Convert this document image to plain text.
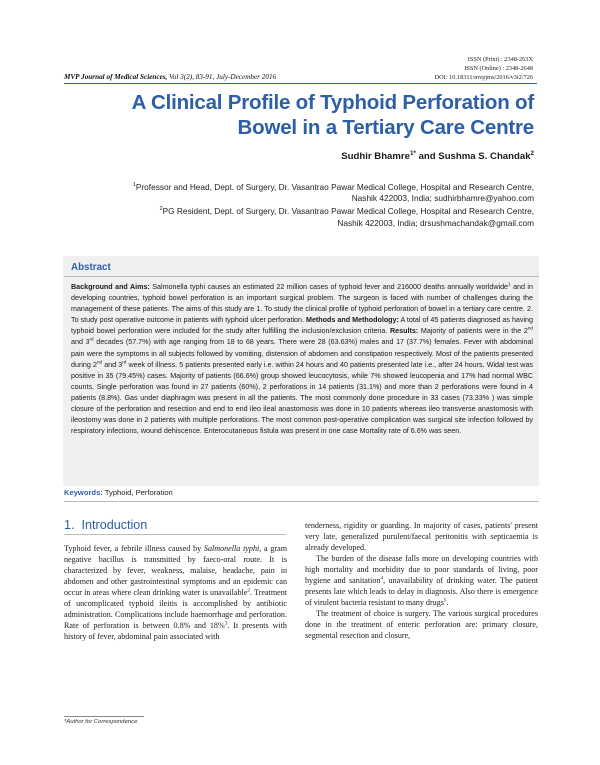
ISSN (Print) : 2348-263X
ISSN (Online) : 2348-2648
DOI: 10.18311/mvpjms/2016/v3i2/726
MVP Journal of Medical Sciences, Vol 3(2), 83-91, July-December 2016
A Clinical Profile of Typhoid Perforation of
Bowel in a Tertiary Care Centre
Sudhir Bhamre$^{1*}$ and Sushma S. Chandak$^2$

$^1$Professor and Head, Dept. of Surgery, Dr. Vasantrao Pawar Medical College, Hospital and Research Centre,
Nashik 422003, India; sudhirbhamre@yahoo.com

$^2$PG Resident, Dept. of Surgery, Dr. Vasantrao Pawar Medical College, Hospital and Research Centre,
Nashik 422003, India; drsushmachandak@gmail.com

Abstract
Background and Aims: Salmonella typhi causes an estimated 22 million cases of typhoid fever and 216000 deaths annually worldwide$^1$ and in developing countries, typhoid bowel perforation is an important surgical problem. The surgeon is faced with number of challenges during the management of these patients. The aims of this study are 1. To study the clinical profile of typhoid perforation of bowel in a tertiary care centre. 2. To study post operative outcome in patients with typhoid ulcer perforation. Methods and Methodology: A total of 45 patients diagnosed as having typhoid bowel perforation were included for the study after fulfilling the inclusion/exclusion criteria. Results: Majority of patients were in the 2nd and 3rd decades (57.7%) with age ranging from 18 to 68 years. There were 28 (63.63%) males and 17 (37.7%) females. Fever with abdominal pain were the symptoms in all subjects followed by vomiting, distension of abdomen and constipation respectively. Most of the patients presented during 2nd and 3rd week of illness. 5 patients presented early i.e. within 24 hours and 40 patients presented late i.e., after 24 hours. Widal test was positive in 35 (79.45%) cases. Majority of patients (66.6%) group showed leucocytosis, while 7% showed leucopenia and 17% had normal WBC counts. Single perforation was found in 27 patients (60%), 2 perforations in 14 patients (31.1%) and more than 2 perforations were found in 4 patients (8.8%). Gas under diaphragm was present in all the patients. The most commonly done procedure in 33 cases (73.33% ) was simple closure of the perforation and resection and end to end ileo ileal anastomosis was done in 10 patients whereas ileo transverse anastomosis with ileostomy was done in 2 patients with multiple perforations. The most common post-operative complication was surgical site infection followed by respiratory infections, wound dehiscence. Enterocutaneous fistula was present in one case Mortality rate of 6.6% was seen.
Keywords: Typhoid, Perforation
1.  Introduction

Typhoid fever, a febrile illness caused by Salmonella typhi, a gram negative bacillus is transmitted by faeco-oral route. It is characterized by fever, weakness, malaise, headache, pain in abdomen and other gastrointestinal symptoms and an epidemic can occur in areas where clean drinking water is unavailable$^2$. Treatment of uncomplicated typhoid ileitis is accomplished by antibiotic administration. Complications include haemorrhage and perforation. Rate of perforation is between 0.8% and 18%$^3$. It presents with history of fever, abdominal pain associated with

tenderness, rigidity or guarding. In majority of cases, patients' present very late, generalized purulent/faecal peritonitis with septicaemia is already developed.

The burden of the disease falls more on developing countries with high mortality and morbidity due to poor standards of living, poor hygiene and sanitation$^4$, unavailability of drinking water. The patient presents late which leads to delay in diagnosis. Also there is emergence of virulent bacteria resistant to many drugs$^5$.

The treatment of choice is surgery. The various surgical procedures done in the treatment of enteric perforation are: primary closure, segmental resection and closure,

*Author for Correspondence
